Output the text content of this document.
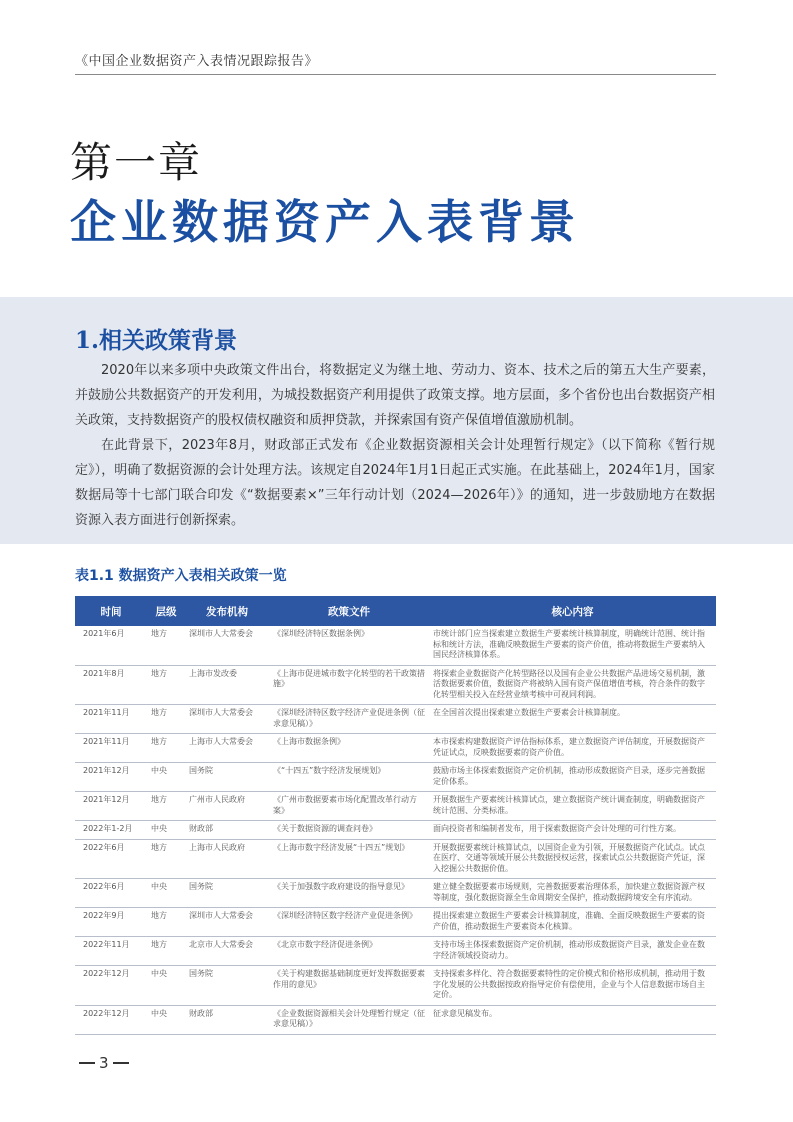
《中国企业数据资产入表情况跟踪报告》
第一章
企业数据资产入表背景
1.相关政策背景

2020年以来多项中央政策文件出台，将数据定义为继土地、劳动力、资本、技术之后的第五大生产要素，并鼓励公共数据资产的开发利用，为城投数据资产利用提供了政策支撑。地方层面，多个省份也出台数据资产相关政策，支持数据资产的股权债权融资和质押贷款，并探索国有资产保值增值激励机制。

在此背景下，2023年8月，财政部正式发布《企业数据资源相关会计处理暂行规定》（以下简称《暂行规定》），明确了数据资源的会计处理方法。该规定自2024年1月1日起正式实施。在此基础上，2024年1月，国家数据局等十七部门联合印发《“数据要素×”三年行动计划（2024—2026年）》的通知，进一步鼓励地方在数据资源入表方面进行创新探索。

表1.1 数据资产入表相关政策一览
时间	层级	发布机构	政策文件	核心内容
2021年6月	地方	深圳市人大常委会	《深圳经济特区数据条例》	市统计部门应当探索建立数据生产要素统计核算制度，明确统计范围、统计指标和统计方法，准确反映数据生产要素的资产价值，推动将数据生产要素纳入国民经济核算体系。
2021年8月	地方	上海市发改委	《上海市促进城市数字化转型的若干政策措施》	将探索企业数据资产化转型路径以及国有企业公共数据产品进场交易机制，激活数据要素价值，数据资产将被纳入国有资产保值增值考核，符合条件的数字化转型相关投入在经营业绩考核中可视同利润。
2021年11月	地方	深圳市人大常委会	《深圳经济特区数字经济产业促进条例（征求意见稿）》	在全国首次提出探索建立数据生产要素会计核算制度。
2021年11月	地方	上海市人大常委会	《上海市数据条例》	本市探索构建数据资产评估指标体系，建立数据资产评估制度，开展数据资产凭证试点，反映数据要素的资产价值。
2021年12月	中央	国务院	《“十四五”数字经济发展规划》	鼓励市场主体探索数据资产定价机制，推动形成数据资产目录，逐步完善数据定价体系。
2021年12月	地方	广州市人民政府	《广州市数据要素市场化配置改革行动方案》	开展数据生产要素统计核算试点，建立数据资产统计调查制度，明确数据资产统计范围、分类标准。
2022年1-2月	中央	财政部	《关于数据资源的调查问卷》	面向投资者和编制者发布，用于探索数据资产会计处理的可行性方案。
2022年6月	地方	上海市人民政府	《上海市数字经济发展“十四五”规划》	开展数据要素统计核算试点，以国资企业为引领，开展数据资产化试点。试点在医疗、交通等领域开展公共数据授权运营，探索试点公共数据资产凭证，深入挖掘公共数据价值。
2022年6月	中央	国务院	《关于加强数字政府建设的指导意见》	建立健全数据要素市场规则，完善数据要素治理体系，加快建立数据资源产权等制度，强化数据资源全生命周期安全保护，推动数据跨境安全有序流动。
2022年9月	地方	深圳市人大常委会	《深圳经济特区数字经济产业促进条例》	提出探索建立数据生产要素会计核算制度，准确、全面反映数据生产要素的资产价值，推动数据生产要素资本化核算。
2022年11月	地方	北京市人大常委会	《北京市数字经济促进条例》	支持市场主体探索数据资产定价机制，推动形成数据资产目录，激发企业在数字经济领域投资动力。
2022年12月	中央	国务院	《关于构建数据基础制度更好发挥数据要素作用的意见》	支持探索多样化、符合数据要素特性的定价模式和价格形成机制，推动用于数字化发展的公共数据按政府指导定价有偿使用，企业与个人信息数据市场自主定价。
2022年12月	中央	财政部	《企业数据资源相关会计处理暂行规定（征求意见稿）》	征求意见稿发布。
3
